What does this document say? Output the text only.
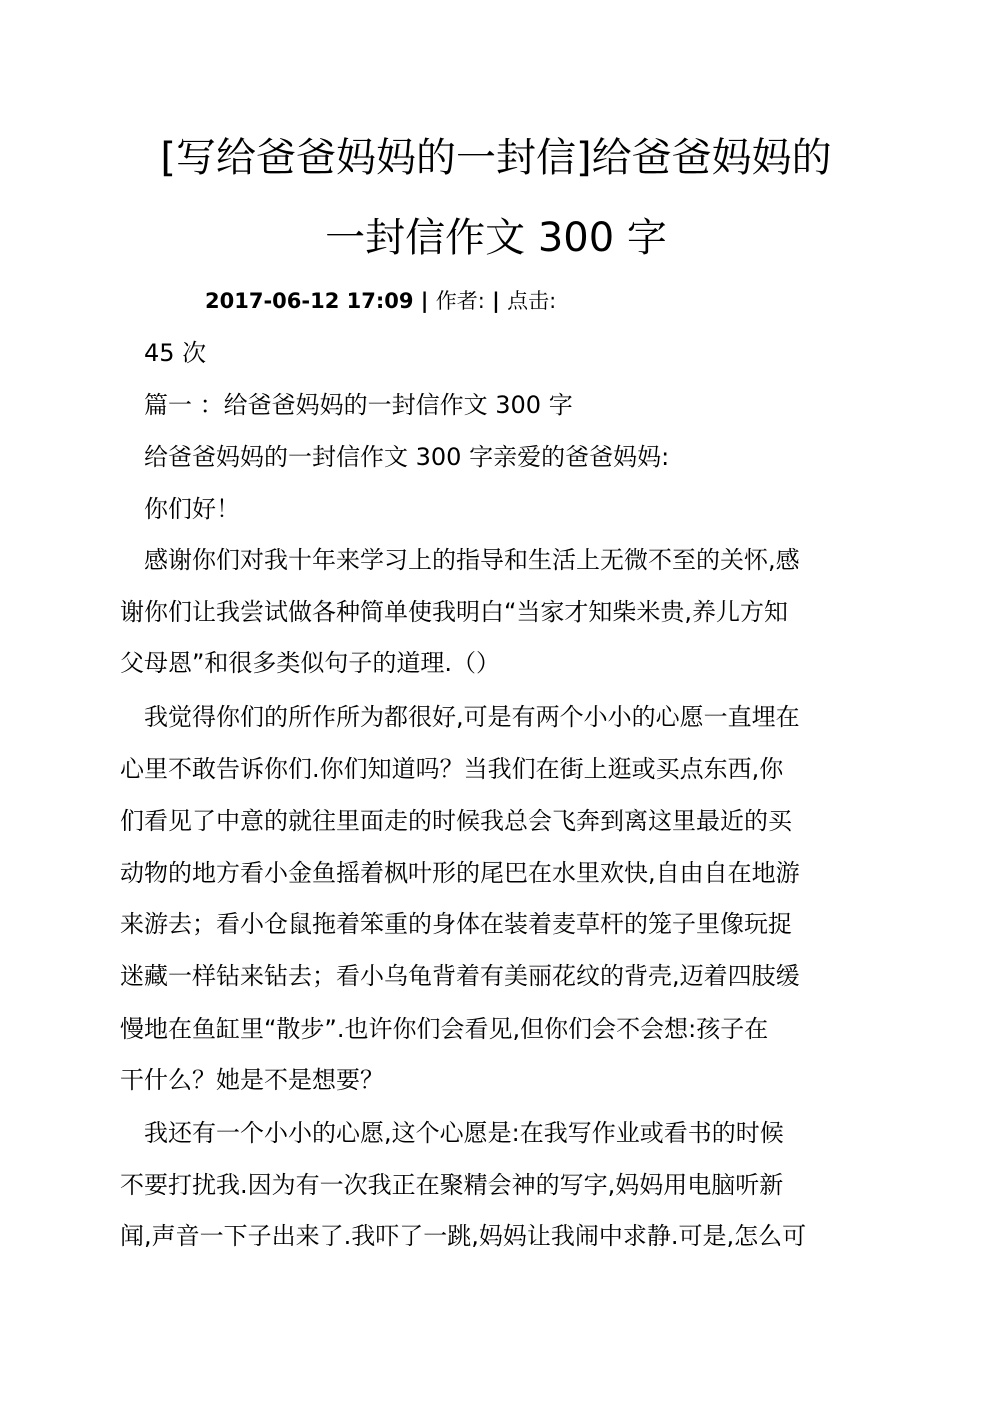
[写给爸爸妈妈的一封信]给爸爸妈妈的
一封信作文 300 字
2017-06-12 17:09 | 作者: | 点击:

45 次

篇一 ：给爸爸妈妈的一封信作文 300 字

给爸爸妈妈的一封信作文 300 字亲爱的爸爸妈妈:

你们好！

感谢你们对我十年来学习上的指导和生活上无微不至的关怀,感

谢你们让我尝试做各种简单使我明白“当家才知柴米贵,养儿方知

父母恩”和很多类似句子的道理.（）

我觉得你们的所作所为都很好,可是有两个小小的心愿一直埋在

心里不敢告诉你们.你们知道吗？当我们在街上逛或买点东西,你

们看见了中意的就往里面走的时候我总会飞奔到离这里最近的买

动物的地方看小金鱼摇着枫叶形的尾巴在水里欢快,自由自在地游

来游去；看小仓鼠拖着笨重的身体在装着麦草杆的笼子里像玩捉

迷藏一样钻来钻去；看小乌龟背着有美丽花纹的背壳,迈着四肢缓

慢地在鱼缸里“散步”.也许你们会看见,但你们会不会想:孩子在

干什么？她是不是想要？

我还有一个小小的心愿,这个心愿是:在我写作业或看书的时候

不要打扰我.因为有一次我正在聚精会神的写字,妈妈用电脑听新

闻,声音一下子出来了.我吓了一跳,妈妈让我闹中求静.可是,怎么可
